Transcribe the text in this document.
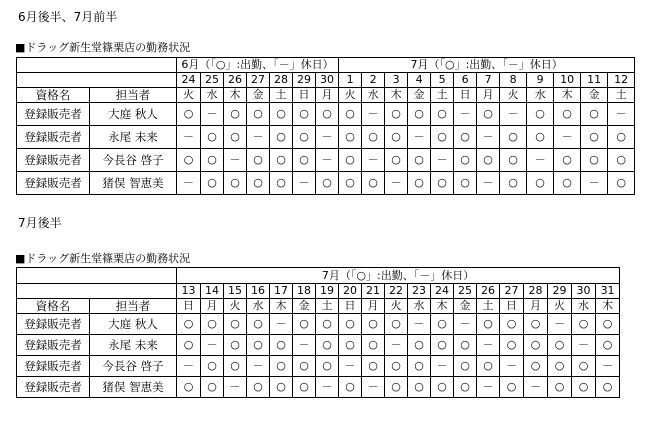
6月後半、7月前半
■ドラッグ新生堂篠栗店の勤務状況
		6月（「○」:出勤、「－」休日）							7月（「○」:出勤、「－」休日）											
		24	25	26	27	28	29	30	1	2	3	4	5	6	7	8	9	10	11	12
資格名	担当者	火	水	木	金	土	日	月	火	水	木	金	土	日	月	火	水	木	金	土
登録販売者	大庭 秋人	○	－	○	○	○	○	○	○	－	○	○	○	－	○	－	○	○	○	－
登録販売者	永尾 未来	－	○	○	－	○	○	－	○	○	○	－	○	○	－	○	○	－	○	○
登録販売者	今長谷 啓子	○	○	－	○	○	○	－	○	－	○	○	－	○	○	○	－	○	○	○
登録販売者	猪俣 智恵美	－	○	○	○	○	－	○	○	○	－	○	○	○	－	○	○	○	－	○
7月後半
■ドラッグ新生堂篠栗店の勤務状況
		7月（「○」:出勤、「－」休日）																		
		13	14	15	16	17	18	19	20	21	22	23	24	25	26	27	28	29	30	31
資格名	担当者	日	月	火	水	木	金	土	日	月	火	水	木	金	土	日	月	火	水	木
登録販売者	大庭 秋人	○	○	○	○	－	○	○	○	○	○	－	○	－	○	○	○	－	○	○
登録販売者	永尾 未来	○	－	○	○	○	－	○	○	○	－	○	○	○	－	○	○	○	－	○
登録販売者	今長谷 啓子	－	○	○	－	○	○	○	－	○	○	○	－	○	○	－	○	○	○	－
登録販売者	猪俣 智恵美	○	○	－	○	○	○	－	○	－	○	○	○	○	－	○	－	○	○	○
